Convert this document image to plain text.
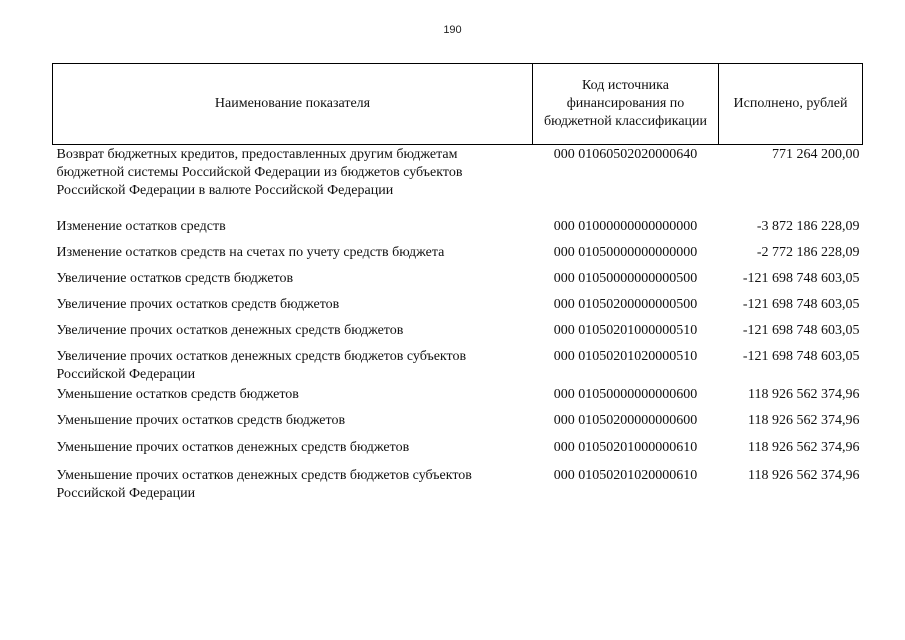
190
Наименование показателя	Код источника финансирования по бюджетной классификации	Исполнено, рублей
Возврат бюджетных кредитов, предоставленных другим бюджетам бюджетной системы Российской Федерации из бюджетов субъектов Российской Федерации в валюте Российской Федерации	000 01060502020000640	771 264 200,00
Изменение остатков средств	000 01000000000000000	-3 872 186 228,09
Изменение остатков средств на счетах по учету средств бюджета	000 01050000000000000	-2 772 186 228,09
Увеличение остатков средств бюджетов	000 01050000000000500	-121 698 748 603,05
Увеличение прочих остатков средств бюджетов	000 01050200000000500	-121 698 748 603,05
Увеличение прочих остатков денежных средств бюджетов	000 01050201000000510	-121 698 748 603,05
Увеличение прочих остатков денежных средств бюджетов субъектов Российской Федерации	000 01050201020000510	-121 698 748 603,05
Уменьшение остатков средств бюджетов	000 01050000000000600	118 926 562 374,96
Уменьшение прочих остатков средств бюджетов	000 01050200000000600	118 926 562 374,96
Уменьшение прочих остатков денежных средств бюджетов	000 01050201000000610	118 926 562 374,96
Уменьшение прочих остатков денежных средств бюджетов субъектов Российской Федерации	000 01050201020000610	118 926 562 374,96
